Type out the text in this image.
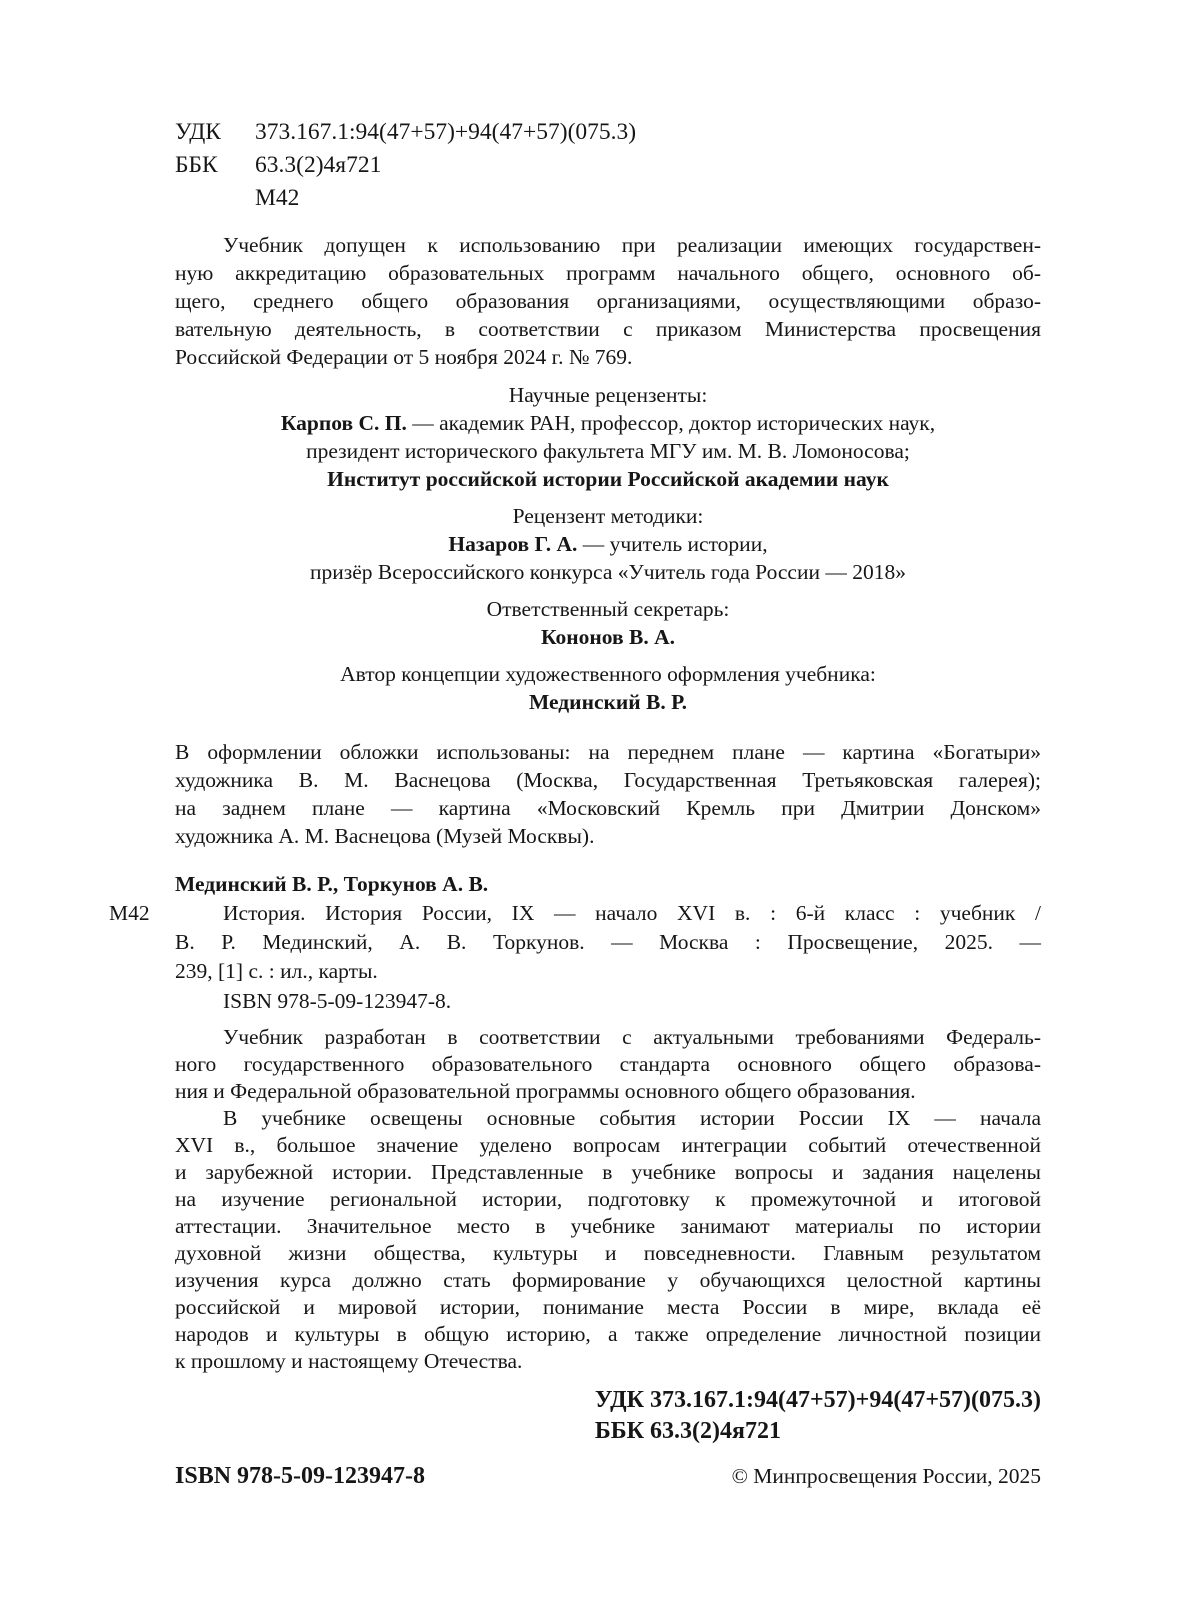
УДК 373.167.1:94(47+57)+94(47+57)(075.3)
ББК 63.3(2)4я721
М42
Учебник допущен к использованию при реализации имеющих государствен-
ную аккредитацию образовательных программ начального общего, основного об-
щего, среднего общего образования организациями, осуществляющими образо-
вательную деятельность, в соответствии с приказом Министерства просвещения
Российской Федерации от 5 ноября 2024 г. № 769.
Научные рецензенты:
Карпов С. П. — академик РАН, профессор, доктор исторических наук,
президент исторического факультета МГУ им. М. В. Ломоносова;
Институт российской истории Российской академии наук
Рецензент методики:
Назаров Г. А. — учитель истории,
призёр Всероссийского конкурса «Учитель года России — 2018»
Ответственный секретарь:
Кононов В. А.
Автор концепции художественного оформления учебника:
Мединский В. Р.
В оформлении обложки использованы: на переднем плане — картина «Богатыри»
художника В. М. Васнецова (Москва, Государственная Третьяковская галерея);
на заднем плане — картина «Московский Кремль при Дмитрии Донском»
художника А. М. Васнецова (Музей Москвы).
Мединский В. Р., Торкунов А. В.
М42	История. История России, IX — начало XVI в. : 6-й класс : учебник /
В. Р. Мединский, А. В. Торкунов. — Москва : Просвещение, 2025. —
239, [1] с. : ил., карты.
ISBN 978-5-09-123947-8.
Учебник разработан в соответствии с актуальными требованиями Федераль-
ного государственного образовательного стандарта основного общего образова-
ния и Федеральной образовательной программы основного общего образования.
В учебнике освещены основные события истории России IX — начала
XVI в., большое значение уделено вопросам интеграции событий отечественной
и зарубежной истории. Представленные в учебнике вопросы и задания нацелены
на изучение региональной истории, подготовку к промежуточной и итоговой
аттестации. Значительное место в учебнике занимают материалы по истории
духовной жизни общества, культуры и повседневности. Главным результатом
изучения курса должно стать формирование у обучающихся целостной картины
российской и мировой истории, понимание места России в мире, вклада её
народов и культуры в общую историю, а также определение личностной позиции
к прошлому и настоящему Отечества.
УДК 373.167.1:94(47+57)+94(47+57)(075.3)
ББК 63.3(2)4я721
ISBN 978-5-09-123947-8	© Минпросвещения России, 2025
